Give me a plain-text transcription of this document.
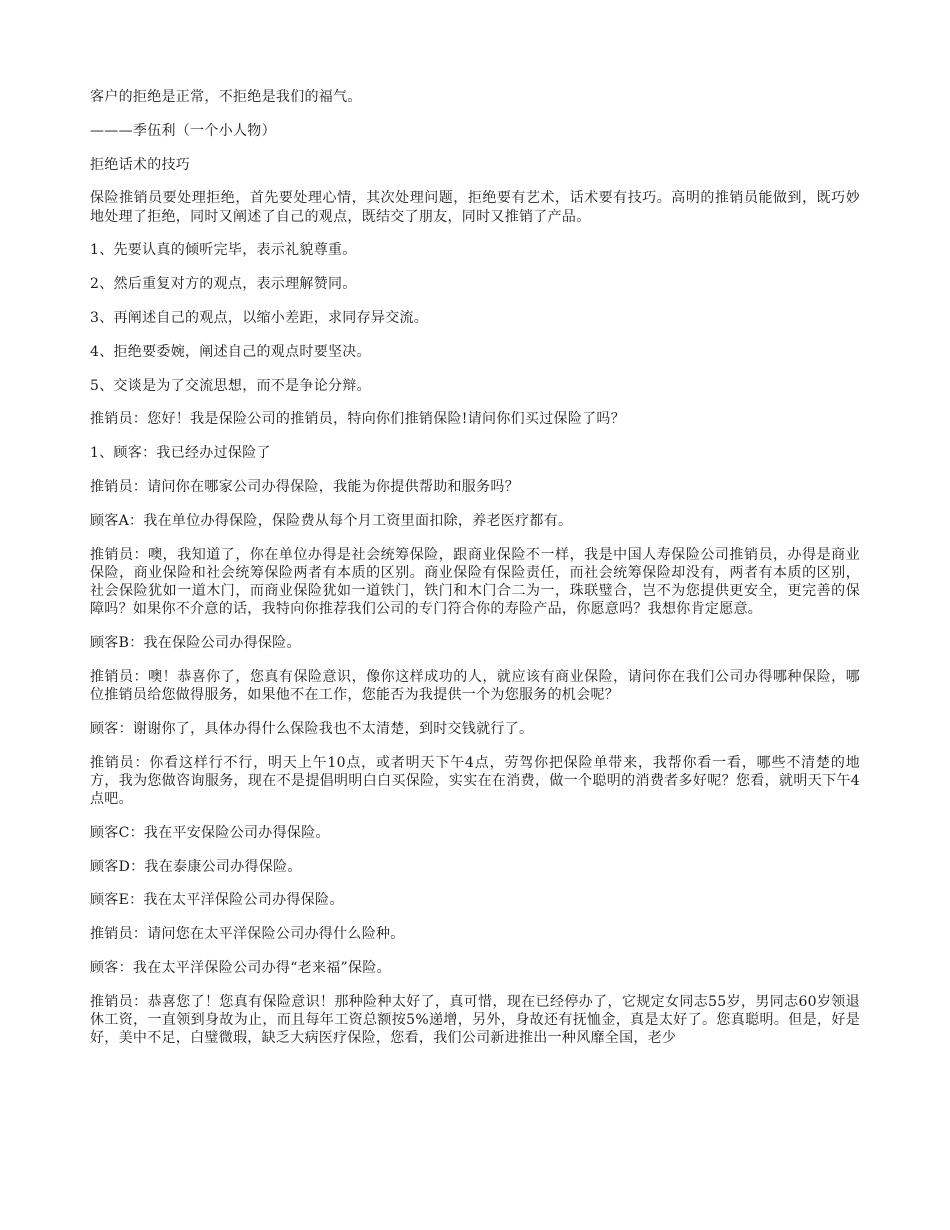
客户的拒绝是正常，不拒绝是我们的福气。

———季伍利（一个小人物）

拒绝话术的技巧

保险推销员要处理拒绝，首先要处理心情，其次处理问题，拒绝要有艺术，话术要有技巧。高明的推销员能做到，既巧妙地处理了拒绝，同时又阐述了自己的观点，既结交了朋友，同时又推销了产品。

1、先要认真的倾听完毕，表示礼貌尊重。

2、然后重复对方的观点，表示理解赞同。

3、再阐述自己的观点，以缩小差距，求同存异交流。

4、拒绝要委婉，阐述自己的观点时要坚决。

5、交谈是为了交流思想，而不是争论分辩。

推销员：您好！我是保险公司的推销员，特向你们推销保险!请问你们买过保险了吗？

1、顾客：我已经办过保险了

推销员：请问你在哪家公司办得保险，我能为你提供帮助和服务吗？

顾客A：我在单位办得保险，保险费从每个月工资里面扣除，养老医疗都有。

推销员：噢，我知道了，你在单位办得是社会统筹保险，跟商业保险不一样，我是中国人寿保险公司推销员，办得是商业保险，商业保险和社会统筹保险两者有本质的区别。商业保险有保险责任，而社会统筹保险却没有，两者有本质的区别，社会保险犹如一道木门，而商业保险犹如一道铁门，铁门和木门合二为一，珠联璧合，岂不为您提供更安全，更完善的保障吗？如果你不介意的话，我特向你推荐我们公司的专门符合你的寿险产品，你愿意吗？我想你肯定愿意。

顾客B：我在保险公司办得保险。

推销员：噢！恭喜你了，您真有保险意识，像你这样成功的人，就应该有商业保险，请问你在我们公司办得哪种保险，哪位推销员给您做得服务，如果他不在工作，您能否为我提供一个为您服务的机会呢？

顾客：谢谢你了，具体办得什么保险我也不太清楚，到时交钱就行了。

推销员：你看这样行不行，明天上午10点，或者明天下午4点，劳驾你把保险单带来，我帮你看一看，哪些不清楚的地方，我为您做咨询服务，现在不是提倡明明白白买保险，实实在在消费，做一个聪明的消费者多好呢？您看，就明天下午4点吧。

顾客C：我在平安保险公司办得保险。

顾客D：我在泰康公司办得保险。

顾客E：我在太平洋保险公司办得保险。

推销员：请问您在太平洋保险公司办得什么险种。

顾客：我在太平洋保险公司办得“老来福”保险。

推销员：恭喜您了！您真有保险意识！那种险种太好了，真可惜，现在已经停办了，它规定女同志55岁，男同志60岁领退休工资，一直领到身故为止，而且每年工资总额按5%递增，另外，身故还有抚恤金，真是太好了。您真聪明。但是，好是好，美中不足，白璧微瑕，缺乏大病医疗保险，您看，我们公司新进推出一种风靡全国，老少
